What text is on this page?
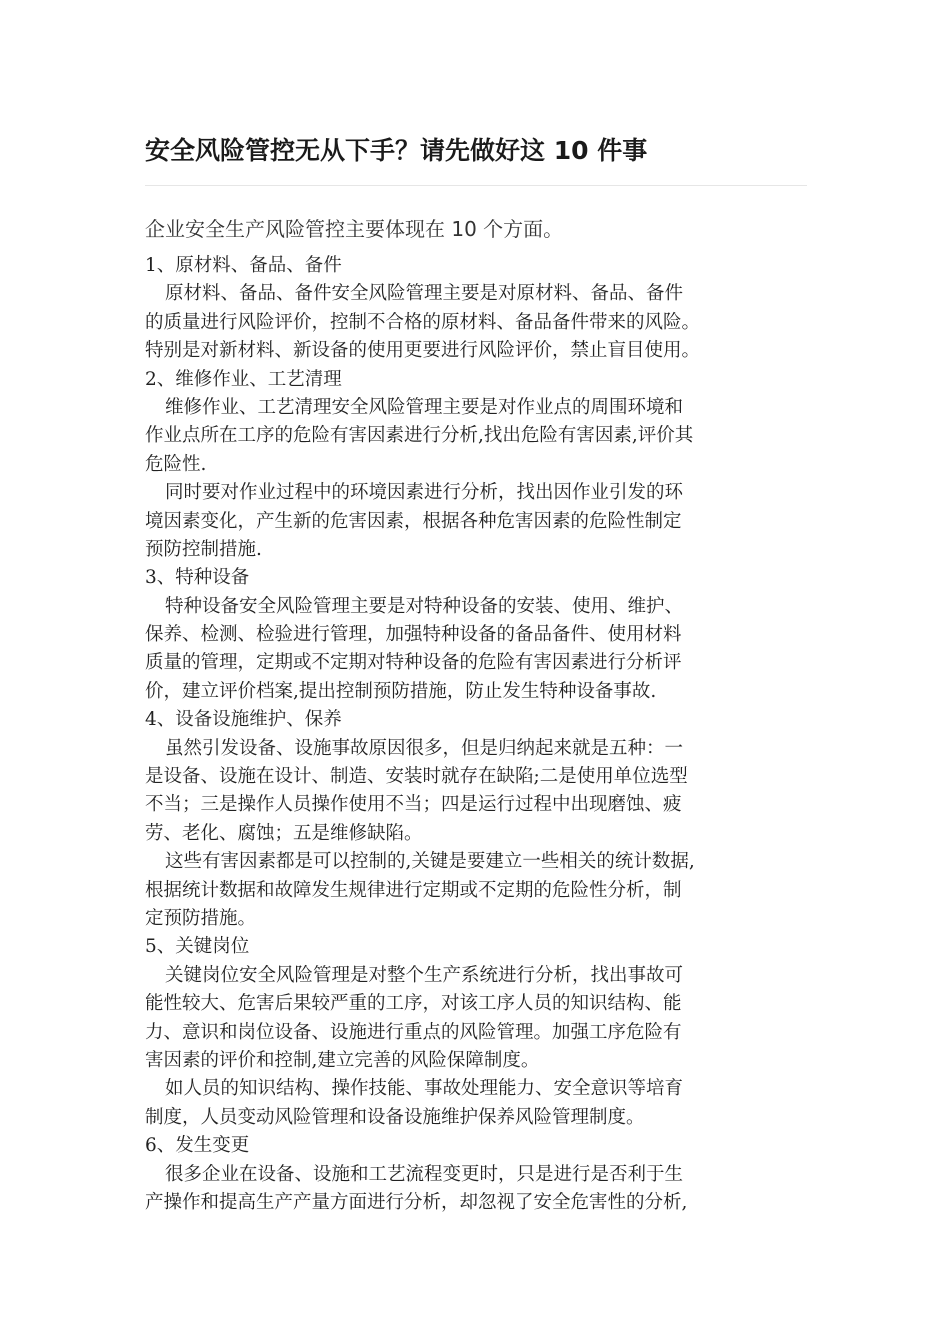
安全风险管控无从下手？请先做好这 10 件事
企业安全生产风险管控主要体现在 10 个方面。
1、原材料、备品、备件
原材料、备品、备件安全风险管理主要是对原材料、备品、备件
的质量进行风险评价，控制不合格的原材料、备品备件带来的风险。
特别是对新材料、新设备的使用更要进行风险评价，禁止盲目使用。
2、维修作业、工艺清理
维修作业、工艺清理安全风险管理主要是对作业点的周围环境和
作业点所在工序的危险有害因素进行分析,找出危险有害因素,评价其
危险性.
同时要对作业过程中的环境因素进行分析，找出因作业引发的环
境因素变化，产生新的危害因素，根据各种危害因素的危险性制定
预防控制措施.
3、特种设备
特种设备安全风险管理主要是对特种设备的安装、使用、维护、
保养、检测、检验进行管理，加强特种设备的备品备件、使用材料
质量的管理，定期或不定期对特种设备的危险有害因素进行分析评
价，建立评价档案,提出控制预防措施，防止发生特种设备事故.
4、设备设施维护、保养
虽然引发设备、设施事故原因很多，但是归纳起来就是五种：一
是设备、设施在设计、制造、安装时就存在缺陷;二是使用单位选型
不当；三是操作人员操作使用不当；四是运行过程中出现磨蚀、疲
劳、老化、腐蚀；五是维修缺陷。
这些有害因素都是可以控制的,关键是要建立一些相关的统计数据,
根据统计数据和故障发生规律进行定期或不定期的危险性分析，制
定预防措施。
5、关键岗位
关键岗位安全风险管理是对整个生产系统进行分析，找出事故可
能性较大、危害后果较严重的工序，对该工序人员的知识结构、能
力、意识和岗位设备、设施进行重点的风险管理。加强工序危险有
害因素的评价和控制,建立完善的风险保障制度。
如人员的知识结构、操作技能、事故处理能力、安全意识等培育
制度，人员变动风险管理和设备设施维护保养风险管理制度。
6、发生变更
很多企业在设备、设施和工艺流程变更时，只是进行是否利于生
产操作和提高生产产量方面进行分析，却忽视了安全危害性的分析,
